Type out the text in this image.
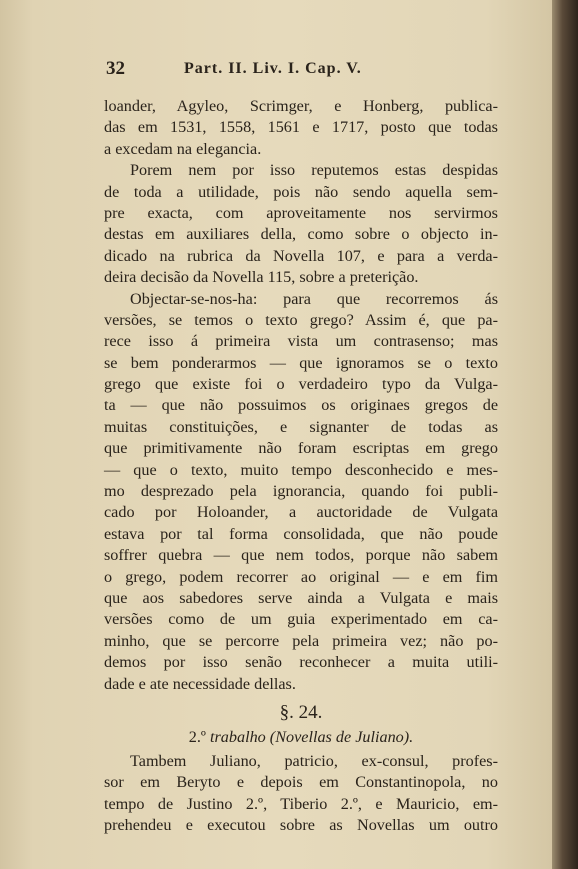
32	Part. II. Liv. I. Cap. V.
loander, Agyleo, Scrimger, e Honberg, publica-
das em 1531, 1558, 1561 e 1717, posto que todas
a excedam na elegancia.
Porem nem por isso reputemos estas despidas
de toda a utilidade, pois não sendo aquella sem-
pre exacta, com aproveitamente nos servirmos
destas em auxiliares della, como sobre o objecto in-
dicado na rubrica da Novella 107, e para a verda-
deira decisão da Novella 115, sobre a preterição.
Objectar-se-nos-ha: para que recorremos ás
versões, se temos o texto grego? Assim é, que pa-
rece isso á primeira vista um contrasenso; mas
se bem ponderarmos — que ignoramos se o texto
grego que existe foi o verdadeiro typo da Vulga-
ta — que não possuimos os originaes gregos de
muitas constituições, e signanter de todas as
que primitivamente não foram escriptas em grego
— que o texto, muito tempo desconhecido e mes-
mo desprezado pela ignorancia, quando foi publi-
cado por Holoander, a auctoridade de Vulgata
estava por tal forma consolidada, que não poude
soffrer quebra — que nem todos, porque não sabem
o grego, podem recorrer ao original — e em fim
que aos sabedores serve ainda a Vulgata e mais
versões como de um guia experimentado em ca-
minho, que se percorre pela primeira vez; não po-
demos por isso senão reconhecer a muita utili-
dade e ate necessidade dellas.
§. 24.
2.º trabalho (Novellas de Juliano).
Tambem Juliano, patricio, ex-consul, profes-
sor em Beryto e depois em Constantinopola, no
tempo de Justino 2.º, Tiberio 2.º, e Mauricio, em-
prehendeu e executou sobre as Novellas um outro
